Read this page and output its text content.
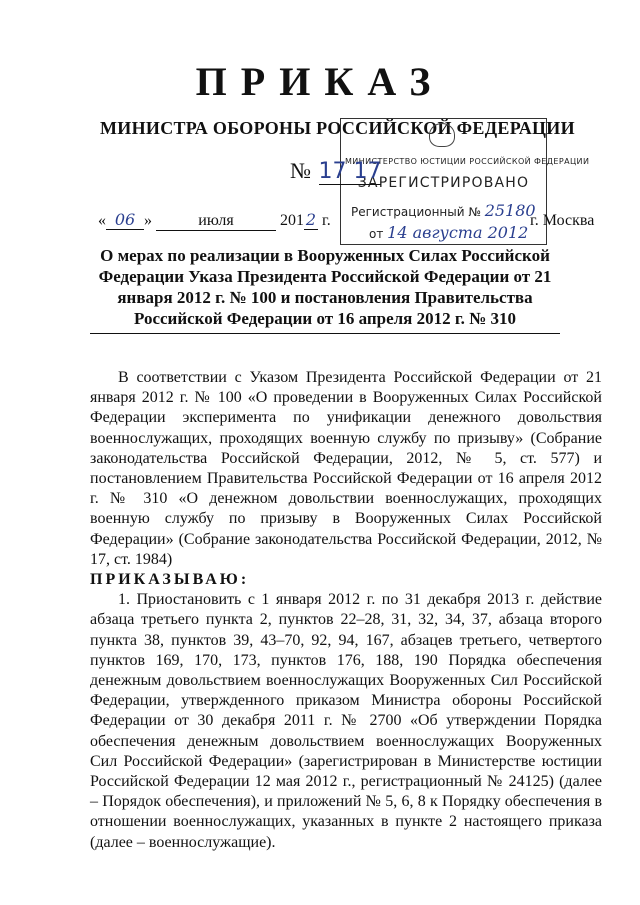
ПРИКАЗ
МИНИСТРА ОБОРОНЫ РОССИЙСКОЙ ФЕДЕРАЦИИ
МИНИСТЕРСТВО ЮСТИЦИИ РОССИЙСКОЙ ФЕДЕРАЦИИ
ЗАРЕГИСТРИРОВАНО
Регистрационный № 25180
от 14 августа 2012
№ 17 17
« 06 »	июля	201 2 г.	г. Москва
О мерах по реализации в Вооруженных Силах Российской Федерации Указа Президента Российской Федерации от 21 января 2012 г. № 100 и постановления Правительства Российской Федерации от 16 апреля 2012 г. № 310

В соответствии с Указом Президента Российской Федерации от 21 января 2012 г. № 100 «О проведении в Вооруженных Силах Российской Федерации эксперимента по унификации денежного довольствия военнослужащих, проходящих военную службу по призыву» (Собрание законодательства Российской Федерации, 2012, № 5, ст. 577) и постановлением Правительства Российской Федерации от 16 апреля 2012 г. № 310 «О денежном довольствии военнослужащих, проходящих военную службу по призыву в Вооруженных Силах Российской Федерации» (Собрание законодательства Российской Федерации, 2012, № 17, ст. 1984)

ПРИКАЗЫВАЮ:

1. Приостановить с 1 января 2012 г. по 31 декабря 2013 г. действие абзаца третьего пункта 2, пунктов 22–28, 31, 32, 34, 37, абзаца второго пункта 38, пунктов 39, 43–70, 92, 94, 167, абзацев третьего, четвертого пунктов 169, 170, 173, пунктов 176, 188, 190 Порядка обеспечения денежным довольствием военнослужащих Вооруженных Сил Российской Федерации, утвержденного приказом Министра обороны Российской Федерации от 30 декабря 2011 г. № 2700 «Об утверждении Порядка обеспечения денежным довольствием военнослужащих Вооруженных Сил Российской Федерации» (зарегистрирован в Министерстве юстиции Российской Федерации 12 мая 2012 г., регистрационный № 24125) (далее – Порядок обеспечения), и приложений № 5, 6, 8 к Порядку обеспечения в отношении военнослужащих, указанных в пункте 2 настоящего приказа (далее – военнослужащие).
